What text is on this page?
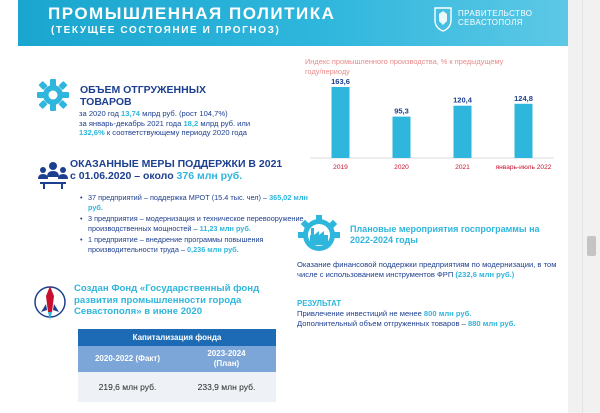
ПРОМЫШЛЕННАЯ ПОЛИТИКА
(ТЕКУЩЕЕ СОСТОЯНИЕ И ПРОГНОЗ)
ПРАВИТЕЛЬСТВО
СЕВАСТОПОЛЯ
ОБЪЕМ ОТГРУЖЕННЫХ ТОВАРОВ
за 2020 год 13,74 млрд руб. (рост 104,7%)
за январь-декабрь 2021 года 18,2 млрд руб. или
132,6% к соответствующему периоду 2020 года
ОКАЗАННЫЕ МЕРЫ ПОДДЕРЖКИ В 2021
с 01.06.2020 – около 376 млн руб.
• 37 предприятий – поддержка МРОТ (15.4 тыс. чел) – 365,02 млн руб.
• 3 предприятия – модернизация и техническое перевооружение производственных мощностей – 11,23 млн руб.
• 1 предприятие – внедрение программы повышения производительности труда – 0,236 млн руб.
Создан Фонд «Государственный фонд развития промышленности города Севастополя» в июне 2020
Капитализация фонда
2020-2022 (Факт)
2023-2024
(План)
219,6 млн руб.	233,9 млн руб.
Индекс промышленного производства, % к предыдущему году/периоду
163,6
2019
95,3
2020
120,4
2021
124,8
январь-июль 2022
Плановые мероприятия госпрограммы на 2022-2024 годы
Оказание финансовой поддержки предприятиям по модернизации, в том числе с использованием инструментов ФРП (232,6 млн руб.)
РЕЗУЛЬТАТ
Привлечение инвестиций не менее 800 млн руб.
Дополнительный объем отгруженных товаров – 880 млн руб.
